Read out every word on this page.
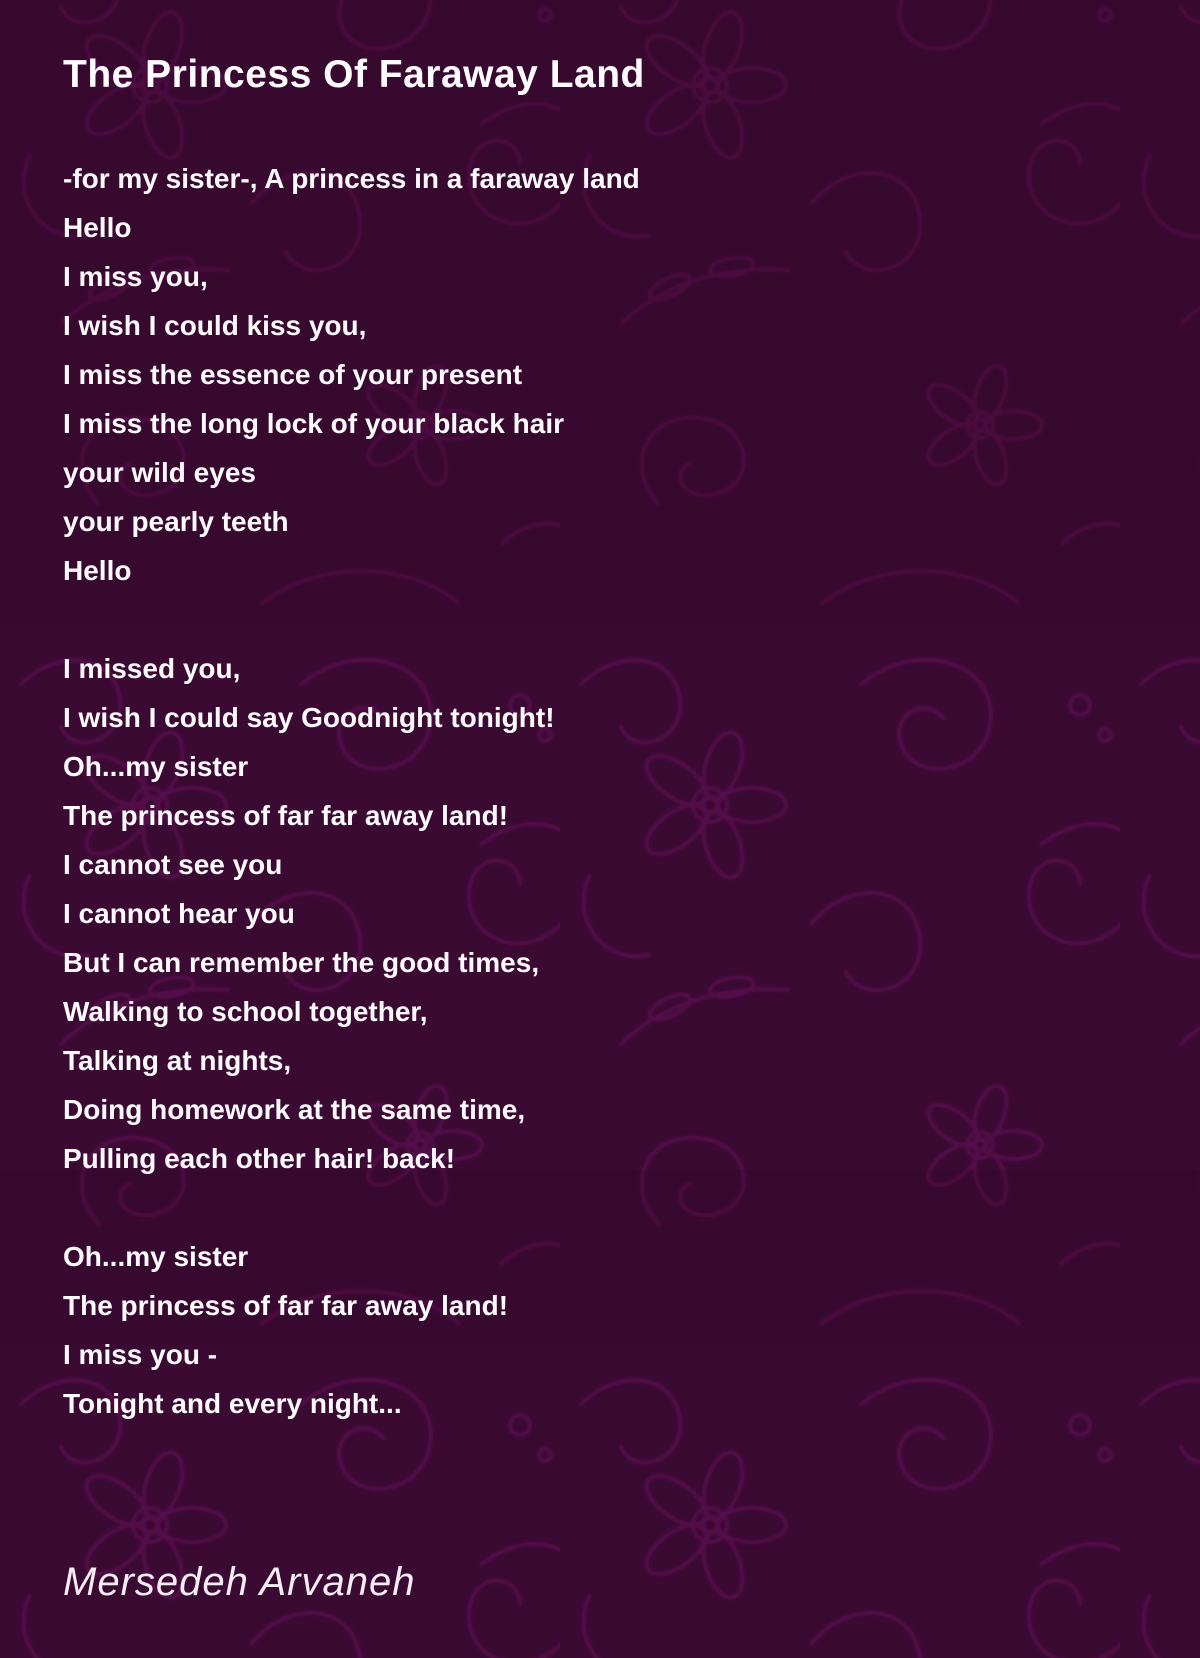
The Princess Of Faraway Land
-for my sister-, A princess in a faraway land
Hello
I miss you,
I wish I could kiss you,
I miss the essence of your present
I miss the long lock of your black hair
your wild eyes
your pearly teeth
Hello
I missed you,
I wish I could say Goodnight tonight!
Oh...my sister
The princess of far far away land!
I cannot see you
I cannot hear you
But I can remember the good times,
Walking to school together,
Talking at nights,
Doing homework at the same time,
Pulling each other hair! back!
Oh...my sister
The princess of far far away land!
I miss you -
Tonight and every night...
Mersedeh Arvaneh
